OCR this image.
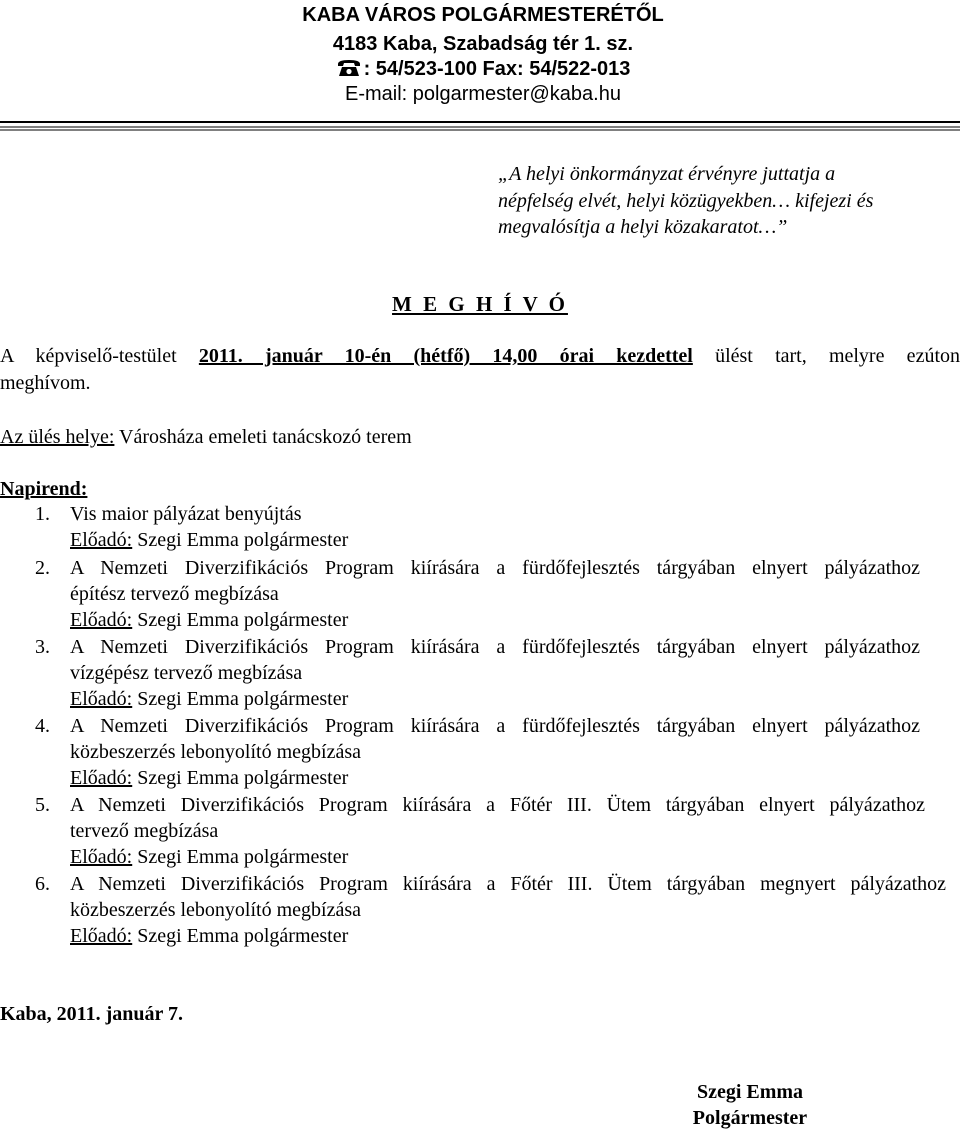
KABA VÁROS POLGÁRMESTERÉTŐL
4183 Kaba, Szabadság tér 1. sz.
: 54/523-100 Fax: 54/522-013
E-mail: polgarmester@kaba.hu
„A helyi önkormányzat érvényre juttatja a
népfelség elvét, helyi közügyekben… kifejezi és
megvalósítja a helyi közakaratot…”
M E G H Í V Ó
A képviselő-testület 2011. január 10-én (hétfő) 14,00 órai kezdettel ülést tart, melyre ezúton
meghívom.
Az ülés helye: Városháza emeleti tanácskozó terem
Napirend:
1. Vis maior pályázat benyújtás
Előadó: Szegi Emma polgármester
2. A Nemzeti Diverzifikációs Program kiírására a fürdőfejlesztés tárgyában elnyert pályázathoz
építész tervező megbízása
Előadó: Szegi Emma polgármester
3. A Nemzeti Diverzifikációs Program kiírására a fürdőfejlesztés tárgyában elnyert pályázathoz
vízgépész tervező megbízása
Előadó: Szegi Emma polgármester
4. A Nemzeti Diverzifikációs Program kiírására a fürdőfejlesztés tárgyában elnyert pályázathoz
közbeszerzés lebonyolító megbízása
Előadó: Szegi Emma polgármester
5. A Nemzeti Diverzifikációs Program kiírására a Főtér III. Ütem tárgyában elnyert pályázathoz
tervező megbízása
Előadó: Szegi Emma polgármester
6. A Nemzeti Diverzifikációs Program kiírására a Főtér III. Ütem tárgyában megnyert pályázathoz
közbeszerzés lebonyolító megbízása
Előadó: Szegi Emma polgármester
Kaba, 2011. január 7.
Szegi Emma
Polgármester
